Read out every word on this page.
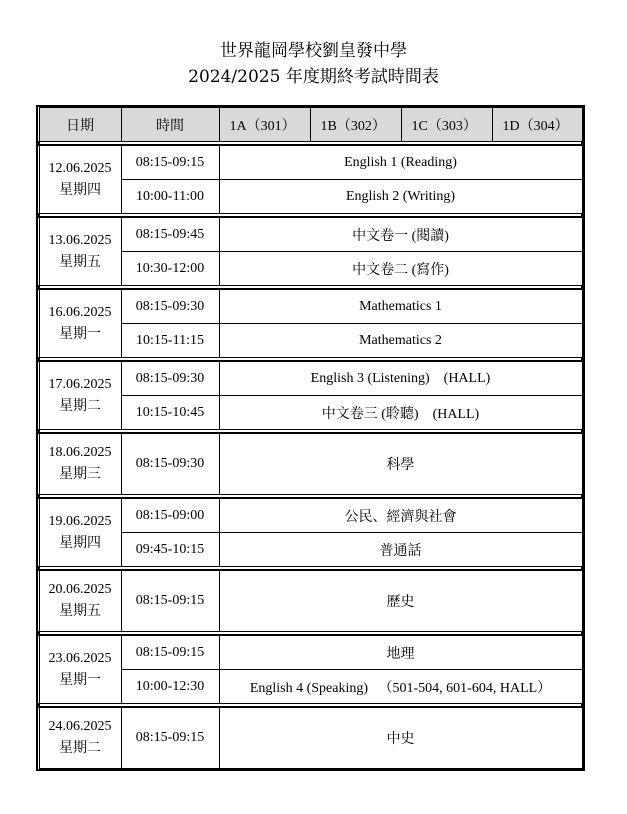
世界龍岡學校劉皇發中學
2024/2025 年度期終考試時間表
日期	時間	1A（301）	1B（302）	1C（303）	1D（304）

12.06.2025
星期四	08:15-09:15	English 1 (Reading)			
	10:00-11:00	English 2 (Writing)			

13.06.2025
星期五	08:15-09:45	中文卷一 (閱讀)			
	10:30-12:00	中文卷二 (寫作)			

16.06.2025
星期一	08:15-09:30	Mathematics 1			
	10:15-11:15	Mathematics 2			

17.06.2025
星期二	08:15-09:30	English 3 (Listening)    (HALL)			
	10:15-10:45	中文卷三 (聆聽)    (HALL)			

18.06.2025
星期三	08:15-09:30	科學			

19.06.2025
星期四	08:15-09:00	公民、經濟與社會			
	09:45-10:15	普通話			

20.06.2025
星期五	08:15-09:15	歷史			

23.06.2025
星期一	08:15-09:15	地理			
	10:00-12:30	English 4 (Speaking)   （501-504, 601-604, HALL）			

24.06.2025
星期二	08:15-09:15	中史			
